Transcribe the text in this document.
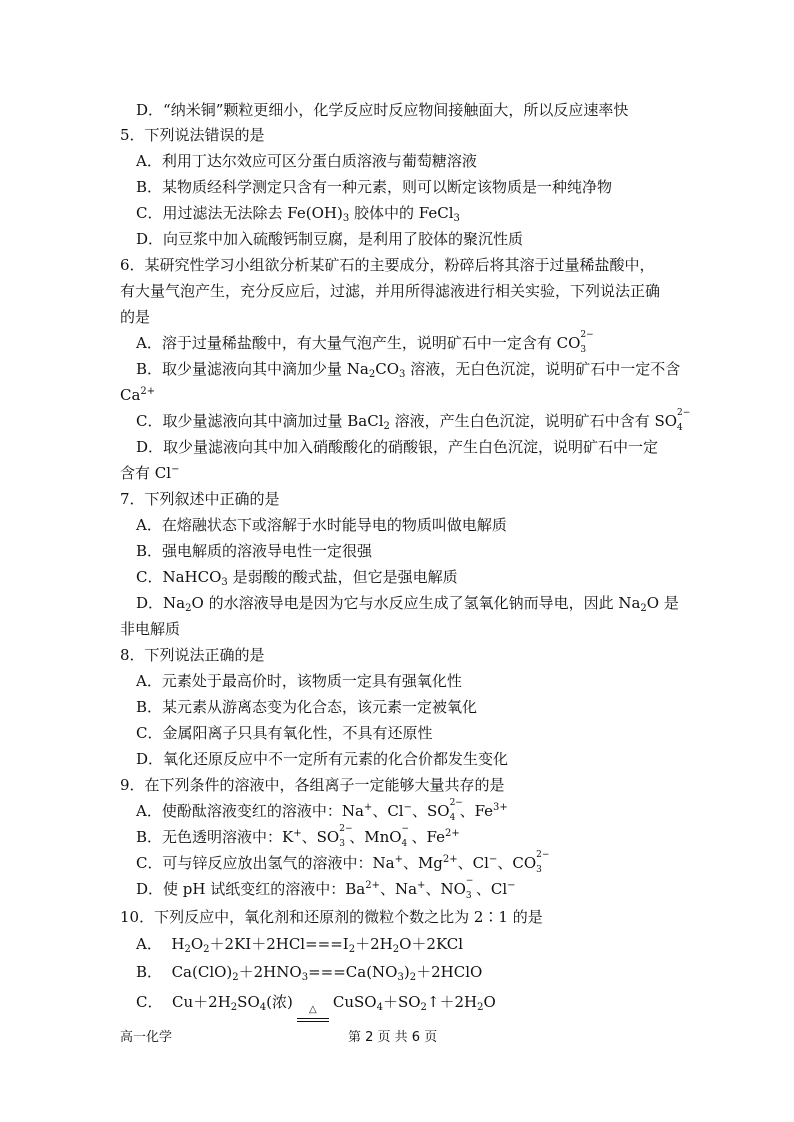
D．“纳米铜”颗粒更细小，化学反应时反应物间接触面大，所以反应速率快
5．下列说法错误的是
A．利用丁达尔效应可区分蛋白质溶液与葡萄糖溶液
B．某物质经科学测定只含有一种元素，则可以断定该物质是一种纯净物
C．用过滤法无法除去 $Fe(OH)_3$ 胶体中的 FeCl$_3$
D．向豆浆中加入硫酸钙制豆腐，是利用了胶体的聚沉性质
6．某研究性学习小组欲分析某矿石的主要成分，粉碎后将其溶于过量稀盐酸中，
有大量气泡产生，充分反应后，过滤，并用所得滤液进行相关实验，下列说法正确
的是
A．溶于过量稀盐酸中，有大量气泡产生，说明矿石中一定含有 CO 2−
3
B．取少量滤液向其中滴加少量 $Na_2CO_3$ 溶液，无白色沉淀，说明矿石中一定不含
$Ca^{2+}$
C．取少量滤液向其中滴加过量 BaCl$_2$ 溶液，产生白色沉淀，说明矿石中含有 SO 2−
4
D．取少量滤液向其中加入硝酸酸化的硝酸银，产生白色沉淀，说明矿石中一定
含有 Cl−
7．下列叙述中正确的是
A．在熔融状态下或溶解于水时能导电的物质叫做电解质
B．强电解质的溶液导电性一定很强
C．NaHCO$_3$ 是弱酸的酸式盐，但它是强电解质
D．$Na_2O$ 的水溶液导电是因为它与水反应生成了氢氧化钠而导电，因此 $Na_2O$ 是
非电解质
8．下列说法正确的是
A．元素处于最高价时，该物质一定具有强氧化性
B．某元素从游离态变为化合态，该元素一定被氧化
C．金属阳离子只具有氧化性，不具有还原性
D．氧化还原反应中不一定所有元素的化合价都发生变化
9．在下列条件的溶液中，各组离子一定能够大量共存的是
A．使酚酞溶液变红的溶液中：Na+、Cl−、SO 2−
4 、$Fe^{3+}$
B．无色透明溶液中：K+、SO 2−
3 、MnO −
4 、$Fe^{2+}$
C．可与锌反应放出氢气的溶液中：Na+、$Mg^{2+}$、Cl−、CO 2−
3
D．使 pH 试纸变红的溶液中：$Ba^{2+}$、Na+、NO −
3 、Cl−
10．下列反应中，氧化剂和还原剂的微粒个数之比为 2∶1 的是
A．  $H_2O_2+2KI+2HCl===I_2+2H_2O+2KCl$
B．  $Ca(ClO)_2+2HNO_3===Ca(NO_3)_2+2HClO$
C．  $Cu+2H_2SO_4$(浓)	△	$CuSO_4+SO_2↑+2H_2O$
高一化学	第 2 页 共 6 页
